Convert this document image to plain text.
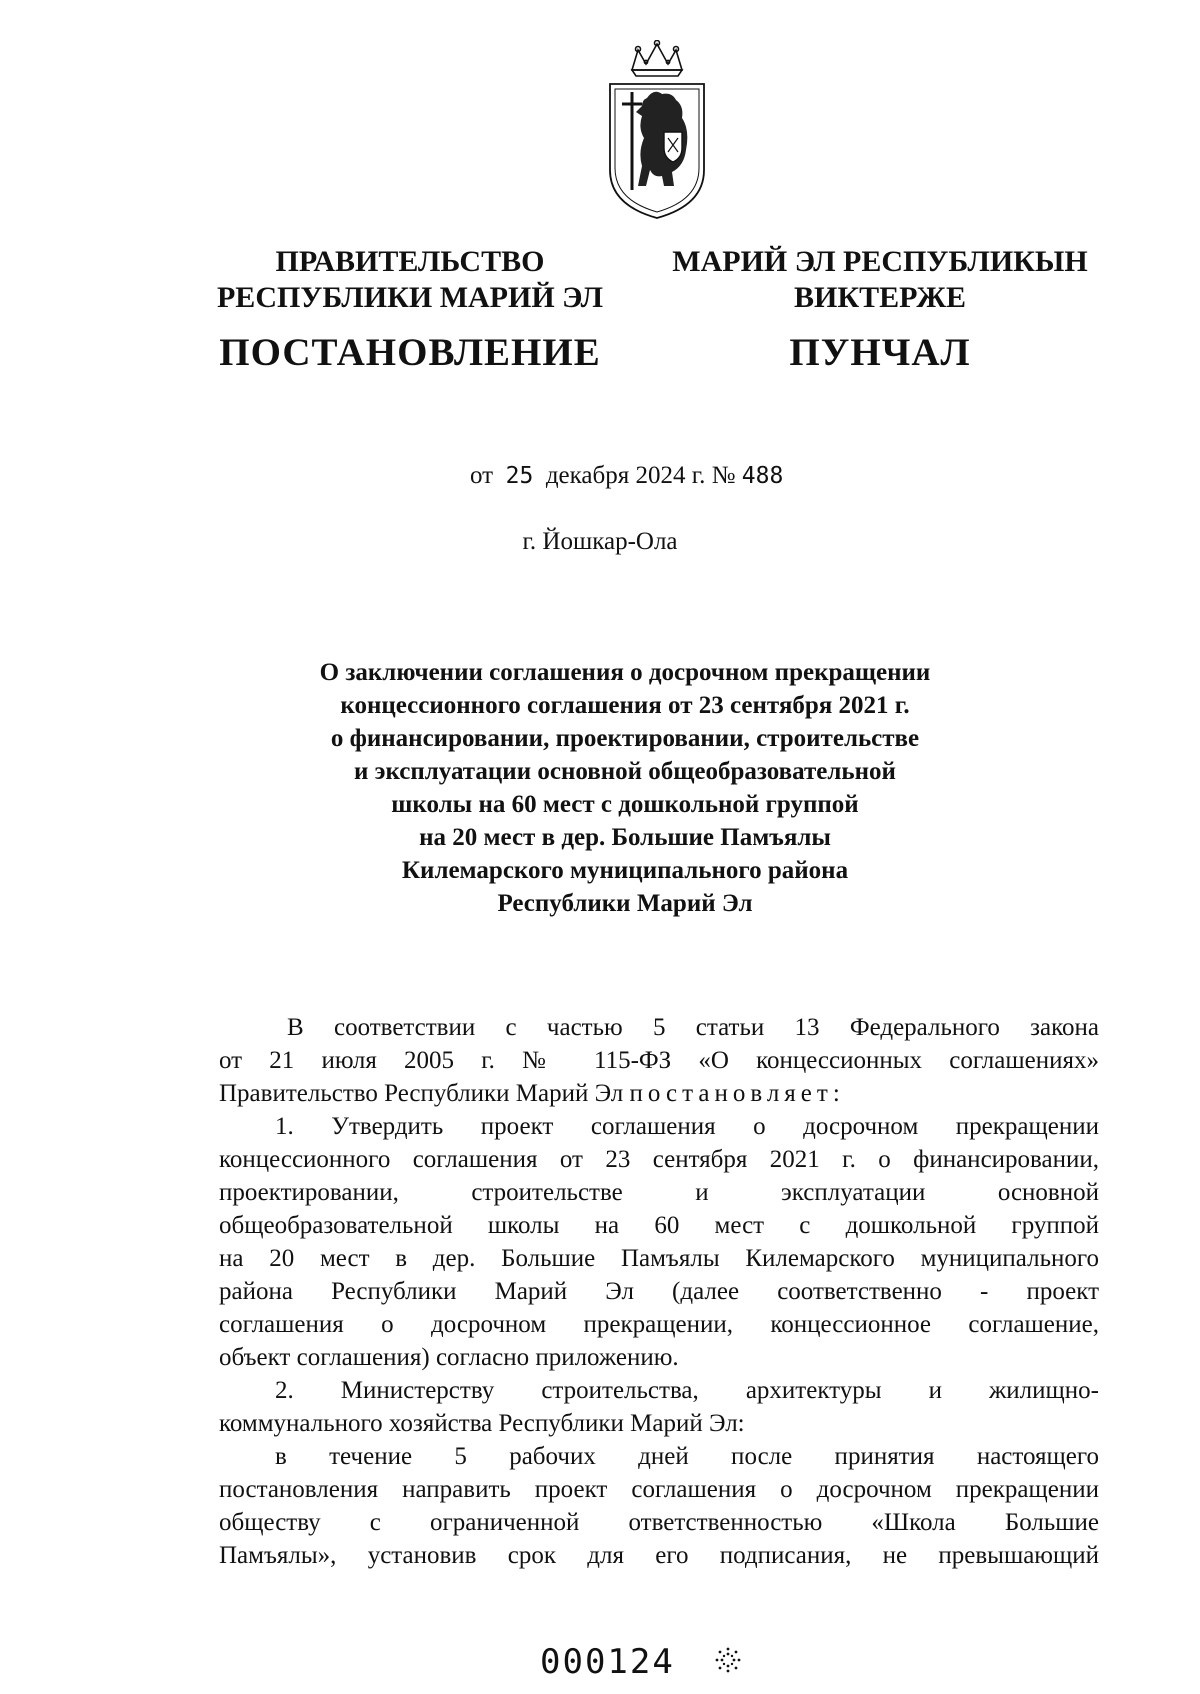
ПРАВИТЕЛЬСТВО
РЕСПУБЛИКИ МАРИЙ ЭЛ
МАРИЙ ЭЛ РЕСПУБЛИКЫН
ВИКТЕРЖЕ
ПОСТАНОВЛЕНИЕ	ПУНЧАЛ
от 25 декабря 2024 г. № 488
г. Йошкар-Ола
О заключении соглашения о досрочном прекращении
концессионного соглашения от 23 сентября 2021 г.
о финансировании, проектировании, строительстве
и эксплуатации основной общеобразовательной
школы на 60 мест с дошкольной группой
на 20 мест в дер. Большие Памъялы
Килемарского муниципального района
Республики Марий Эл
В соответствии с частью 5 статьи 13 Федерального закона
от 21 июля 2005 г. № 115-ФЗ «О концессионных соглашениях»
Правительство Республики Марий Эл постановляет:
1. Утвердить проект соглашения о досрочном прекращении
концессионного соглашения от 23 сентября 2021 г. о финансировании,
проектировании, строительстве и эксплуатации основной
общеобразовательной школы на 60 мест с дошкольной группой
на 20 мест в дер. Большие Памъялы Килемарского муниципального
района Республики Марий Эл (далее соответственно - проект
соглашения о досрочном прекращении, концессионное соглашение,
объект соглашения) согласно приложению.
2. Министерству строительства, архитектуры и жилищно-
коммунального хозяйства Республики Марий Эл:
в течение 5 рабочих дней после принятия настоящего
постановления направить проект соглашения о досрочном прекращении
обществу с ограниченной ответственностью «Школа Большие
Памъялы», установив срок для его подписания, не превышающий
000124
